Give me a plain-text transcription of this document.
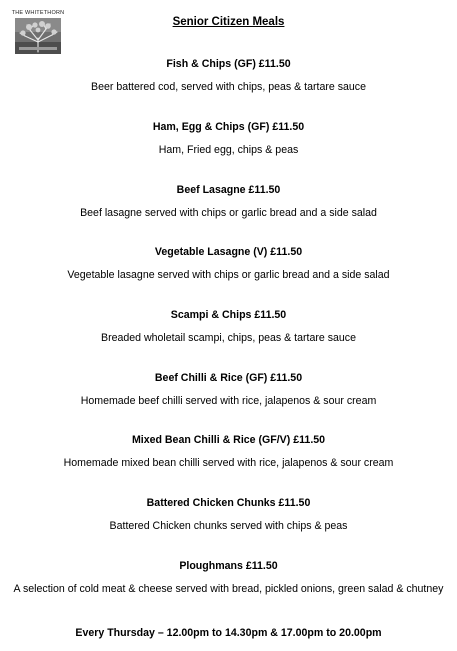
THE WHITETHORN
Senior Citizen Meals
Fish & Chips (GF) £11.50
Beer battered cod, served with chips, peas & tartare sauce
Ham, Egg & Chips (GF) £11.50
Ham, Fried egg, chips & peas
Beef Lasagne £11.50
Beef lasagne served with chips or garlic bread and a side salad
Vegetable Lasagne (V) £11.50
Vegetable lasagne served with chips or garlic bread and a side salad
Scampi & Chips £11.50
Breaded wholetail scampi, chips, peas & tartare sauce
Beef Chilli & Rice (GF) £11.50
Homemade beef chilli served with rice, jalapenos & sour cream
Mixed Bean Chilli & Rice (GF/V) £11.50
Homemade mixed bean chilli served with rice, jalapenos & sour cream
Battered Chicken Chunks £11.50
Battered Chicken chunks served with chips & peas
Ploughmans £11.50
A selection of cold meat & cheese served with bread, pickled onions, green salad & chutney
Every Thursday – 12.00pm to 14.30pm & 17.00pm to 20.00pm
